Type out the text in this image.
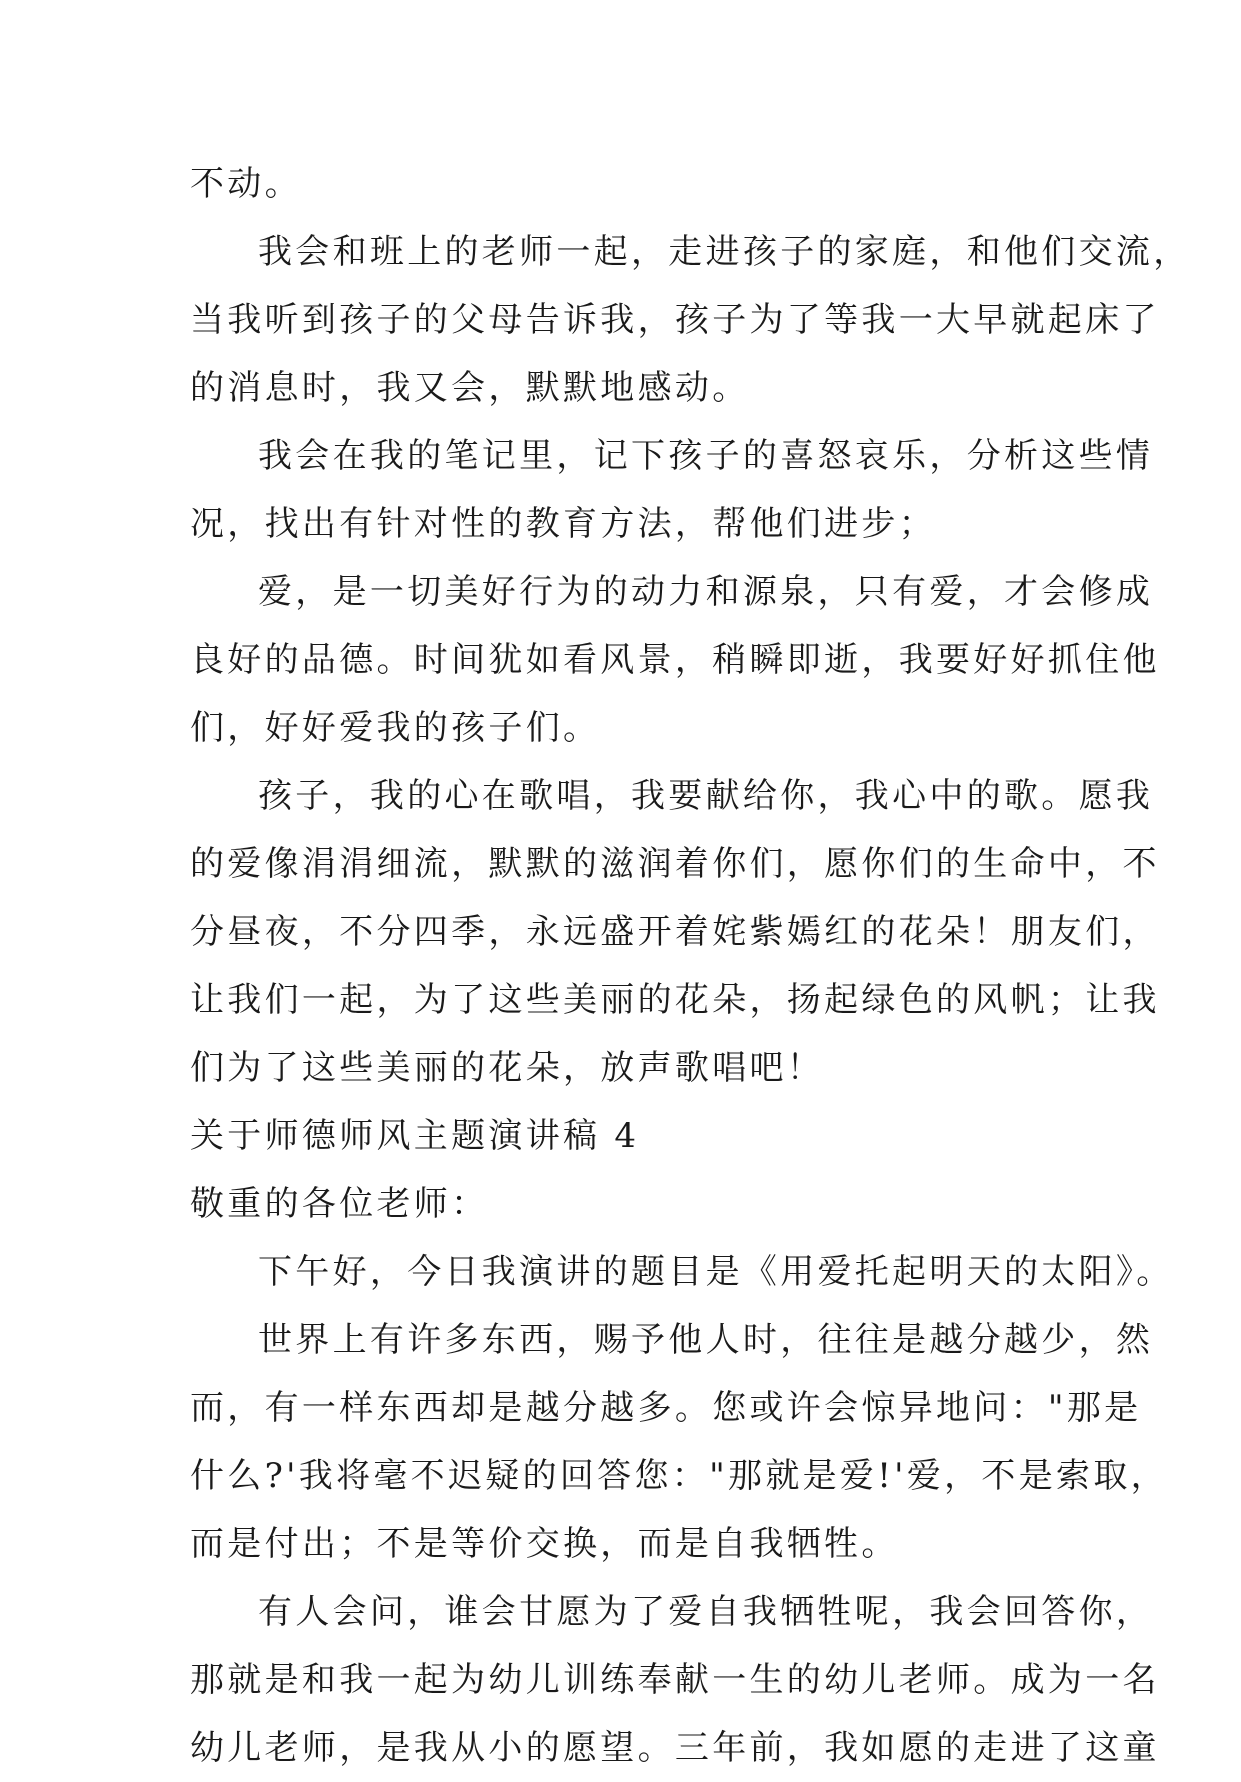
不动。
我会和班上的老师一起，走进孩子的家庭，和他们交流，
当我听到孩子的父母告诉我，孩子为了等我一大早就起床了
的消息时，我又会，默默地感动。
我会在我的笔记里，记下孩子的喜怒哀乐，分析这些情
况，找出有针对性的教育方法，帮他们进步；
爱，是一切美好行为的动力和源泉，只有爱，才会修成
良好的品德。时间犹如看风景，稍瞬即逝，我要好好抓住他
们，好好爱我的孩子们。
孩子，我的心在歌唱，我要献给你，我心中的歌。愿我
的爱像涓涓细流，默默的滋润着你们，愿你们的生命中，不
分昼夜，不分四季，永远盛开着姹紫嫣红的花朵！朋友们，
让我们一起，为了这些美丽的花朵，扬起绿色的风帆；让我
们为了这些美丽的花朵，放声歌唱吧！
关于师德师风主题演讲稿 4
敬重的各位老师：
下午好，今日我演讲的题目是《用爱托起明天的太阳》。
世界上有许多东西，赐予他人时，往往是越分越少，然
而，有一样东西却是越分越多。您或许会惊异地问："那是
什么?'我将毫不迟疑的回答您："那就是爱!'爱，不是索取，
而是付出；不是等价交换，而是自我牺牲。
有人会问，谁会甘愿为了爱自我牺牲呢，我会回答你，
那就是和我一起为幼儿训练奉献一生的幼儿老师。成为一名
幼儿老师，是我从小的愿望。三年前，我如愿的走进了这童
